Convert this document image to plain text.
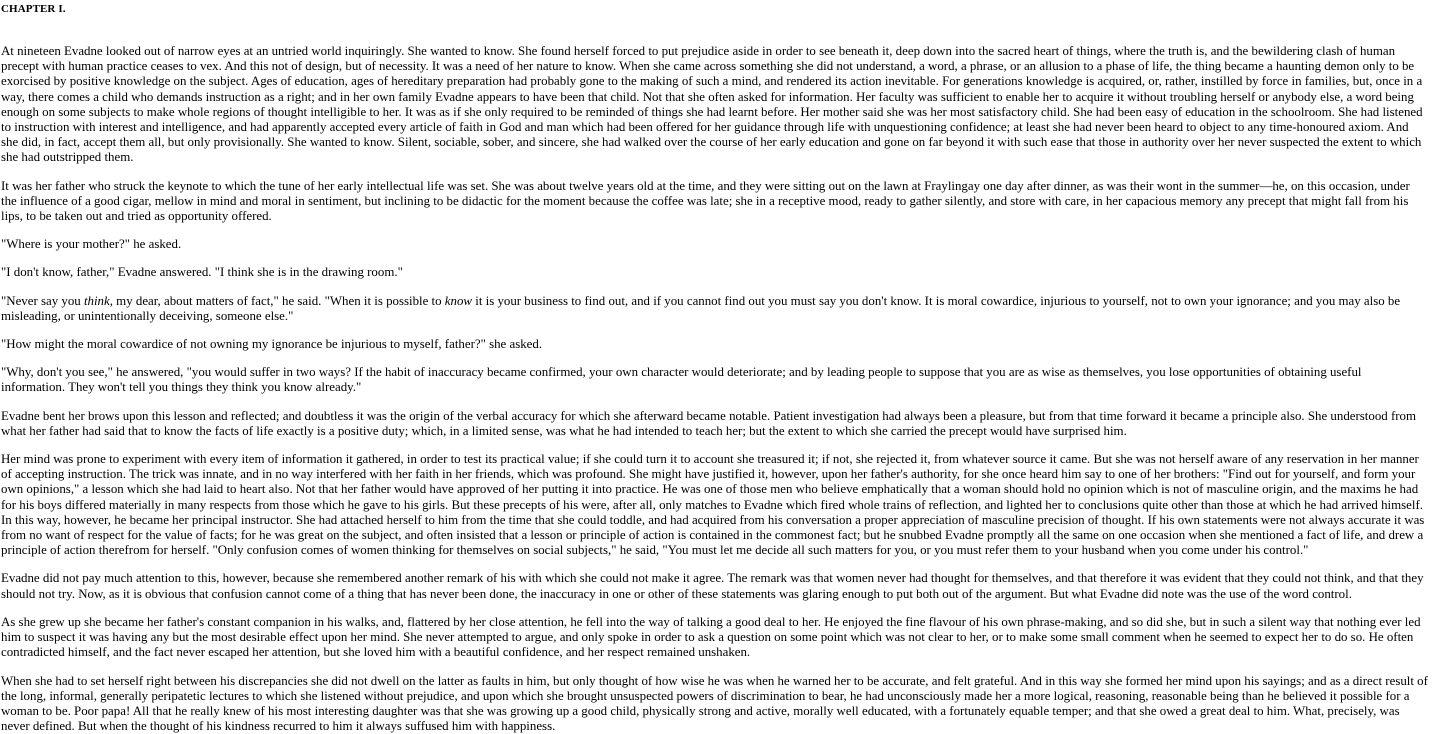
CHAPTER I.

At nineteen Evadne looked out of narrow eyes at an untried world inquiringly. She wanted to know. She found herself forced to put prejudice aside in order to see beneath it, deep down into the sacred heart of things, where the truth is, and the bewildering clash of human precept with human practice ceases to vex. And this not of design, but of necessity. It was a need of her nature to know. When she came across something she did not understand, a word, a phrase, or an allusion to a phase of life, the thing became a haunting demon only to be exorcised by positive knowledge on the subject. Ages of education, ages of hereditary preparation had probably gone to the making of such a mind, and rendered its action inevitable. For generations knowledge is acquired, or, rather, instilled by force in families, but, once in a way, there comes a child who demands instruction as a right; and in her own family Evadne appears to have been that child. Not that she often asked for information. Her faculty was sufficient to enable her to acquire it without troubling herself or anybody else, a word being enough on some subjects to make whole regions of thought intelligible to her. It was as if she only required to be reminded of things she had learnt before. Her mother said she was her most satisfactory child. She had been easy of education in the schoolroom. She had listened to instruction with interest and intelligence, and had apparently accepted every article of faith in God and man which had been offered for her guidance through life with unquestioning confidence; at least she had never been heard to object to any time-honoured axiom. And she did, in fact, accept them all, but only provisionally. She wanted to know. Silent, sociable, sober, and sincere, she had walked over the course of her early education and gone on far beyond it with such ease that those in authority over her never suspected the extent to which she had outstripped them.

It was her father who struck the keynote to which the tune of her early intellectual life was set. She was about twelve years old at the time, and they were sitting out on the lawn at Fraylingay one day after dinner, as was their wont in the summer—he, on this occasion, under the influence of a good cigar, mellow in mind and moral in sentiment, but inclining to be didactic for the moment because the coffee was late; she in a receptive mood, ready to gather silently, and store with care, in her capacious memory any precept that might fall from his lips, to be taken out and tried as opportunity offered.

"Where is your mother?" he asked.

"I don't know, father," Evadne answered. "I think she is in the drawing room."

"Never say you think, my dear, about matters of fact," he said. "When it is possible to know it is your business to find out, and if you cannot find out you must say you don't know. It is moral cowardice, injurious to yourself, not to own your ignorance; and you may also be misleading, or unintentionally deceiving, someone else."

"How might the moral cowardice of not owning my ignorance be injurious to myself, father?" she asked.

"Why, don't you see," he answered, "you would suffer in two ways? If the habit of inaccuracy became confirmed, your own character would deteriorate; and by leading people to suppose that you are as wise as themselves, you lose opportunities of obtaining useful information. They won't tell you things they think you know already."

Evadne bent her brows upon this lesson and reflected; and doubtless it was the origin of the verbal accuracy for which she afterward became notable. Patient investigation had always been a pleasure, but from that time forward it became a principle also. She understood from what her father had said that to know the facts of life exactly is a positive duty; which, in a limited sense, was what he had intended to teach her; but the extent to which she carried the precept would have surprised him.

Her mind was prone to experiment with every item of information it gathered, in order to test its practical value; if she could turn it to account she treasured it; if not, she rejected it, from whatever source it came. But she was not herself aware of any reservation in her manner of accepting instruction. The trick was innate, and in no way interfered with her faith in her friends, which was profound. She might have justified it, however, upon her father's authority, for she once heard him say to one of her brothers: "Find out for yourself, and form your own opinions," a lesson which she had laid to heart also. Not that her father would have approved of her putting it into practice. He was one of those men who believe emphatically that a woman should hold no opinion which is not of masculine origin, and the maxims he had for his boys differed materially in many respects from those which he gave to his girls. But these precepts of his were, after all, only matches to Evadne which fired whole trains of reflection, and lighted her to conclusions quite other than those at which he had arrived himself. In this way, however, he became her principal instructor. She had attached herself to him from the time that she could toddle, and had acquired from his conversation a proper appreciation of masculine precision of thought. If his own statements were not always accurate it was from no want of respect for the value of facts; for he was great on the subject, and often insisted that a lesson or principle of action is contained in the commonest fact; but he snubbed Evadne promptly all the same on one occasion when she mentioned a fact of life, and drew a principle of action therefrom for herself. "Only confusion comes of women thinking for themselves on social subjects," he said, "You must let me decide all such matters for you, or you must refer them to your husband when you come under his control."

Evadne did not pay much attention to this, however, because she remembered another remark of his with which she could not make it agree. The remark was that women never had thought for themselves, and that therefore it was evident that they could not think, and that they should not try. Now, as it is obvious that confusion cannot come of a thing that has never been done, the inaccuracy in one or other of these statements was glaring enough to put both out of the argument. But what Evadne did note was the use of the word control.

As she grew up she became her father's constant companion in his walks, and, flattered by her close attention, he fell into the way of talking a good deal to her. He enjoyed the fine flavour of his own phrase-making, and so did she, but in such a silent way that nothing ever led him to suspect it was having any but the most desirable effect upon her mind. She never attempted to argue, and only spoke in order to ask a question on some point which was not clear to her, or to make some small comment when he seemed to expect her to do so. He often contradicted himself, and the fact never escaped her attention, but she loved him with a beautiful confidence, and her respect remained unshaken.

When she had to set herself right between his discrepancies she did not dwell on the latter as faults in him, but only thought of how wise he was when he warned her to be accurate, and felt grateful. And in this way she formed her mind upon his sayings; and as a direct result of the long, informal, generally peripatetic lectures to which she listened without prejudice, and upon which she brought unsuspected powers of discrimination to bear, he had unconsciously made her a more logical, reasoning, reasonable being than he believed it possible for a woman to be. Poor papa! All that he really knew of his most interesting daughter was that she was growing up a good child, physically strong and active, morally well educated, with a fortunately equable temper; and that she owed a great deal to him. What, precisely, was never defined. But when the thought of his kindness recurred to him it always suffused him with happiness.
